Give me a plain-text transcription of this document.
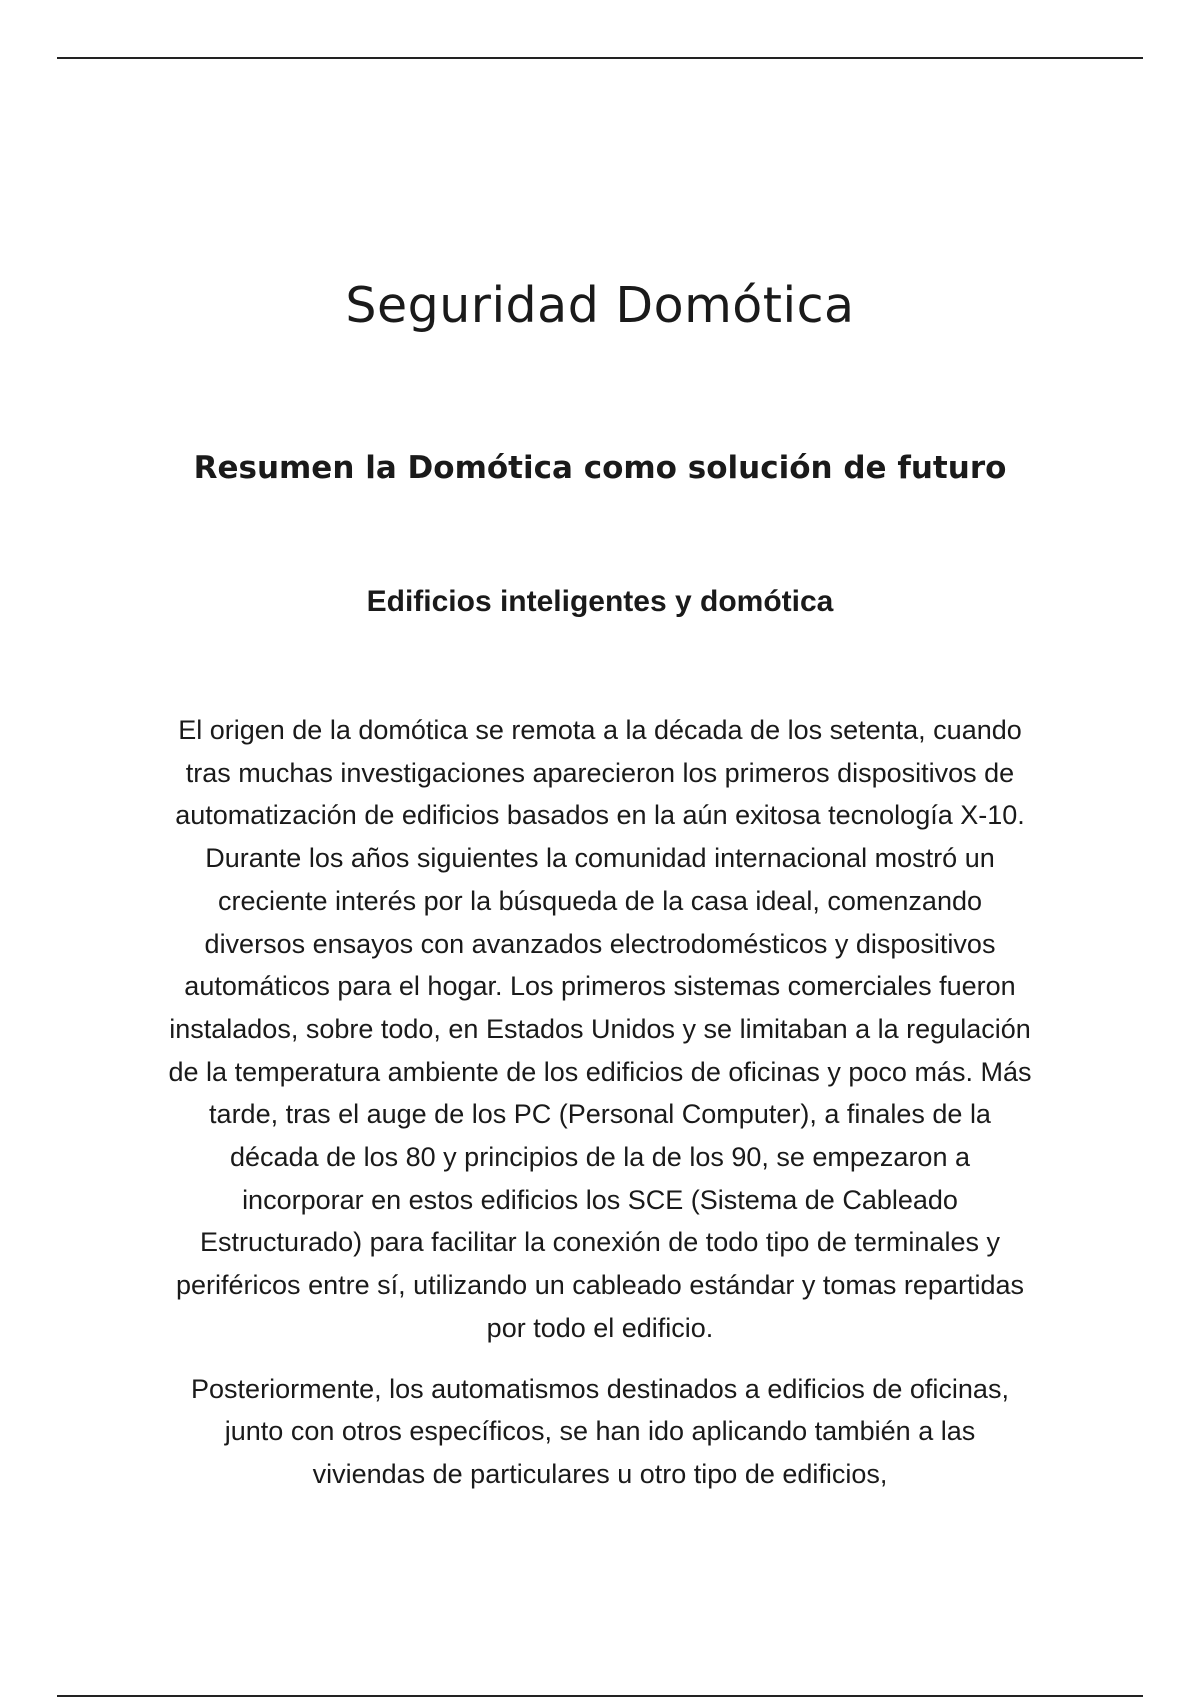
Seguridad Domótica
Resumen la Domótica como solución de futuro
Edificios inteligentes y domótica

El origen de la domótica se remota a la década de los setenta, cuando tras muchas investigaciones aparecieron los primeros dispositivos de automatización de edificios basados en la aún exitosa tecnología X-10. Durante los años siguientes la comunidad internacional mostró un creciente interés por la búsqueda de la casa ideal, comenzando diversos ensayos con avanzados electrodomésticos y dispositivos automáticos para el hogar. Los primeros sistemas comerciales fueron instalados, sobre todo, en Estados Unidos y se limitaban a la regulación de la temperatura ambiente de los edificios de oficinas y poco más. Más tarde, tras el auge de los PC (Personal Computer), a finales de la década de los 80 y principios de la de los 90, se empezaron a incorporar en estos edificios los SCE (Sistema de Cableado Estructurado) para facilitar la conexión de todo tipo de terminales y periféricos entre sí, utilizando un cableado estándar y tomas repartidas por todo el edificio.

Posteriormente, los automatismos destinados a edificios de oficinas, junto con otros específicos, se han ido aplicando también a las viviendas de particulares u otro tipo de edificios,
